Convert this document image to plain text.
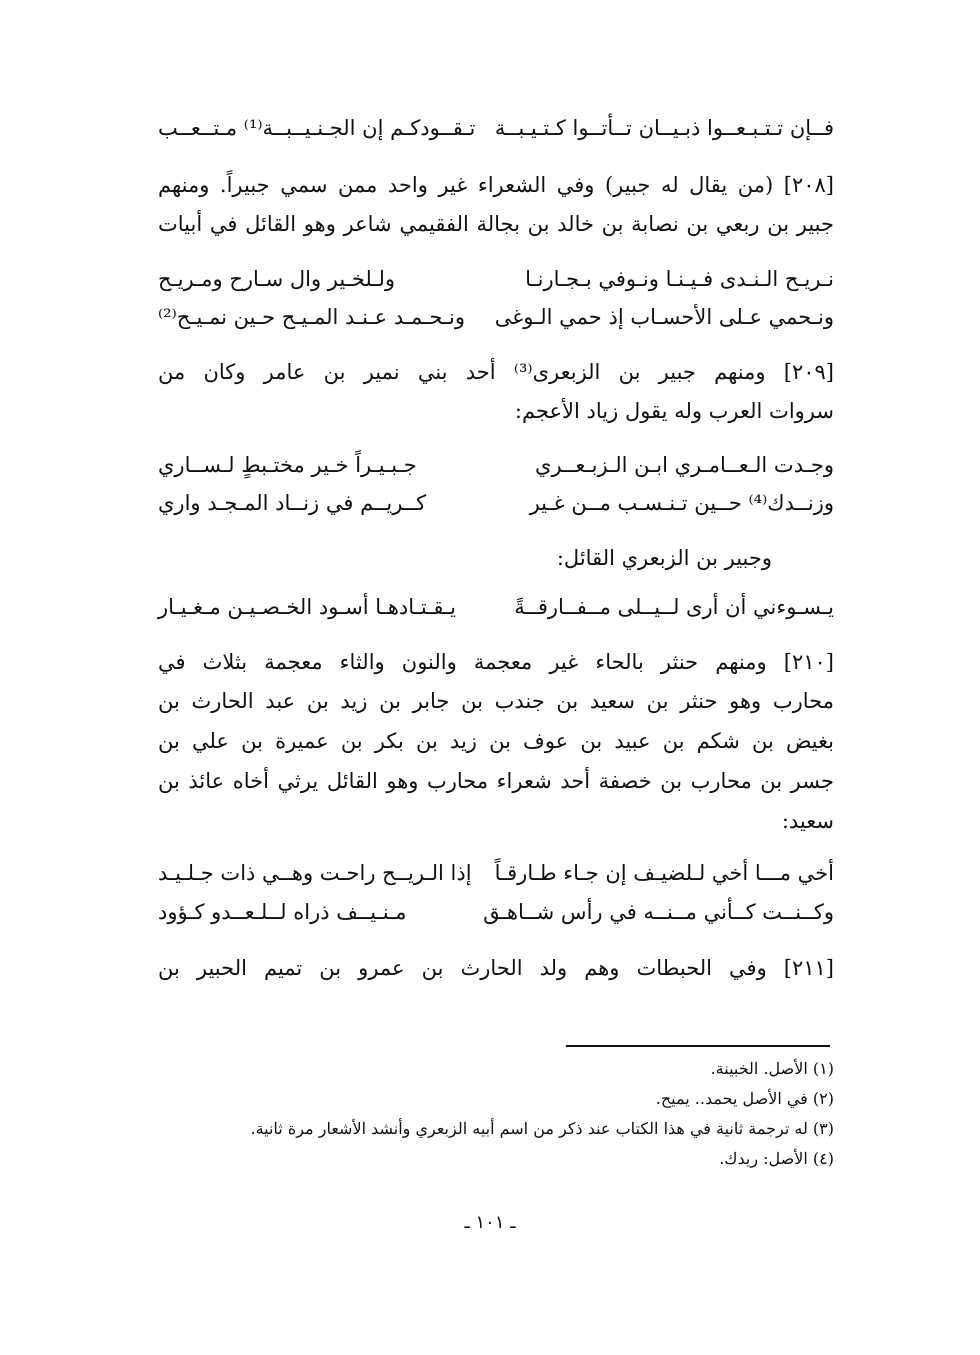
فــإن تـتـبـعــوا ذبـيــان تــأتــوا كـتـيـبــة
تـقــودكـم إن الجـنـيــبــة⁽¹⁾ مـتــعــب
[٢٠٨] (من يقال له جبير) وفي الشعراء غير واحد ممن سمي جبيراً. ومنهم
جبير بن ربعي بن نصابة بن خالد بن بجالة الفقيمي شاعر وهو القائل في أبيات
نـريـح الـنـدى فـيـنـا ونـوفي بـجـارنـا
ولـلخـير وال سـارح ومـريـح
ونـحمي عـلى الأحسـاب إذ حمي الـوغى
ونـحـمـد عـنـد المـيـح حـين نمـيـح⁽²⁾
[٢٠٩] ومنهم جبير بن الزبعرى⁽³⁾ أحد بني نمير بن عامر وكان من
سروات العرب وله يقول زياد الأعجم:
وجـدت الـعــامـري ابـن الـزبـعــري
جـبـيـراً خـير مختـبطٍ لـســاري
وزنــدك⁽⁴⁾ حــين تـنـسـب مــن غـير
كــريــم في زنــاد المـجـد واري
وجبير بن الزبعري القائل:
يـسـوءني أن أرى لــيــلى مــفــارقــةً
يـقـتـادهـا أسـود الخـصـيـن مـغـيـار
[٢١٠] ومنهم حنثر بالحاء غير معجمة والنون والثاء معجمة بثلاث في
محارب وهو حنثر بن سعيد بن جندب بن جابر بن زيد بن عبد الحارث بن
بغيض بن شكم بن عبيد بن عوف بن زيد بن بكر بن عميرة بن علي بن
جسر بن محارب بن خصفة أحد شعراء محارب وهو القائل يرثي أخاه عائذ بن
سعيد:
أخي مـــا أخي لـلضيـف إن جـاء طـارقـاً
إذا الـريــح راحـت وهــي ذات جـلـيـد
وكــنــت كــأني مــنــه في رأس شــاهـق
مـنـيــف ذراه لــلـعــدو كـؤود
[٢١١] وفي الحبطات وهم ولد الحارث بن عمرو بن تميم الحبير بن
(١) الأصل. الخبينة.
(٢) في الأصل يحمد.. يميح.
(٣) له ترجمة ثانية في هذا الكتاب عند ذكر من اسم أبيه الزبعري وأنشد الأشعار مرة ثانية.
(٤) الأصل: ريدك.
ـ ١٠١ ـ
